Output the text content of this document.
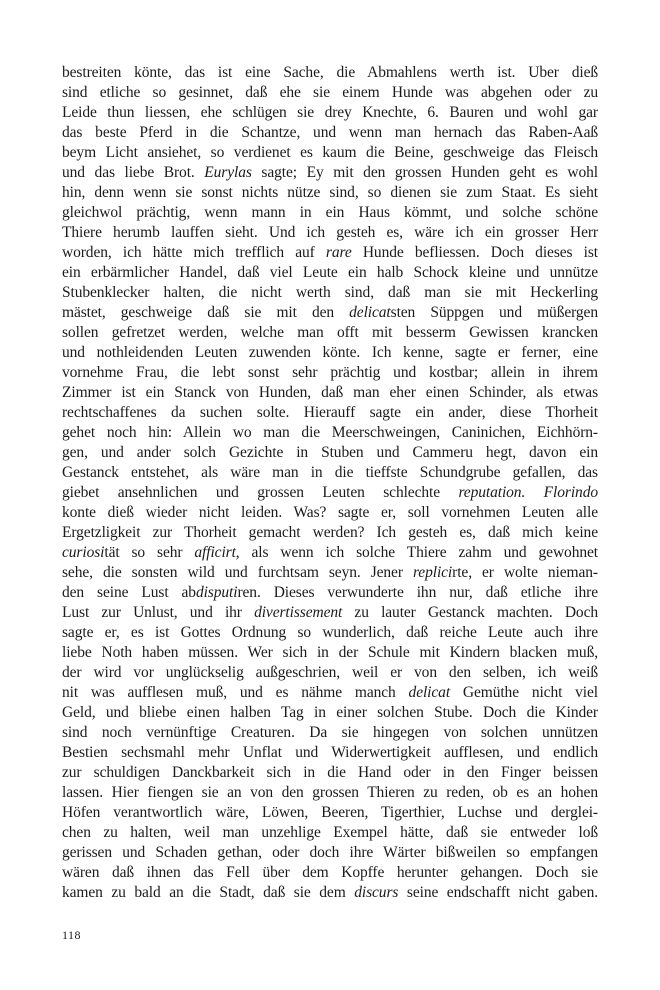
bestreiten könte, das ist eine Sache, die Abmahlens werth ist. Uber dieß
sind etliche so gesinnet, daß ehe sie einem Hunde was abgehen oder zu
Leide thun liessen, ehe schlügen sie drey Knechte, 6. Bauren und wohl gar
das beste Pferd in die Schantze, und wenn man hernach das Raben-Aaß
beym Licht ansiehet, so verdienet es kaum die Beine, geschweige das Fleisch
und das liebe Brot. Eurylas sagte; Ey mit den grossen Hunden geht es wohl
hin, denn wenn sie sonst nichts nütze sind, so dienen sie zum Staat. Es sieht
gleichwol prächtig, wenn mann in ein Haus kömmt, und solche schöne
Thiere herumb lauffen sieht. Und ich gesteh es, wäre ich ein grosser Herr
worden, ich hätte mich trefflich auf rare Hunde befliessen. Doch dieses ist
ein erbärmlicher Handel, daß viel Leute ein halb Schock kleine und unnütze
Stubenklecker halten, die nicht werth sind, daß man sie mit Heckerling
mästet, geschweige daß sie mit den delicatsten Süppgen und müßergen
sollen gefretzet werden, welche man offt mit besserm Gewissen krancken
und nothleidenden Leuten zuwenden könte. Ich kenne, sagte er ferner, eine
vornehme Frau, die lebt sonst sehr prächtig und kostbar; allein in ihrem
Zimmer ist ein Stanck von Hunden, daß man eher einen Schinder, als etwas
rechtschaffenes da suchen solte. Hierauff sagte ein ander, diese Thorheit
gehet noch hin: Allein wo man die Meerschweingen, Caninichen, Eichhörn-
gen, und ander solch Gezichte in Stuben und Cammeru hegt, davon ein
Gestanck entstehet, als wäre man in die tieffste Schundgrube gefallen, das
giebet ansehnlichen und grossen Leuten schlechte reputation. Florindo
konte dieß wieder nicht leiden. Was? sagte er, soll vornehmen Leuten alle
Ergetzligkeit zur Thorheit gemacht werden? Ich gesteh es, daß mich keine
curiosität so sehr afficirt, als wenn ich solche Thiere zahm und gewohnet
sehe, die sonsten wild und furchtsam seyn. Jener replicirte, er wolte nieman-
den seine Lust abdisputiren. Dieses verwunderte ihn nur, daß etliche ihre
Lust zur Unlust, und ihr divertissement zu lauter Gestanck machten. Doch
sagte er, es ist Gottes Ordnung so wunderlich, daß reiche Leute auch ihre
liebe Noth haben müssen. Wer sich in der Schule mit Kindern blacken muß,
der wird vor unglückselig außgeschrien, weil er von den selben, ich weiß
nit was aufflesen muß, und es nähme manch delicat Gemüthe nicht viel
Geld, und bliebe einen halben Tag in einer solchen Stube. Doch die Kinder
sind noch vernünftige Creaturen. Da sie hingegen von solchen unnützen
Bestien sechsmahl mehr Unflat und Widerwertigkeit aufflesen, und endlich
zur schuldigen Danckbarkeit sich in die Hand oder in den Finger beissen
lassen. Hier fiengen sie an von den grossen Thieren zu reden, ob es an hohen
Höfen verantwortlich wäre, Löwen, Beeren, Tigerthier, Luchse und derglei-
chen zu halten, weil man unzehlige Exempel hätte, daß sie entweder loß
gerissen und Schaden gethan, oder doch ihre Wärter bißweilen so empfangen
wären daß ihnen das Fell über dem Kopffe herunter gehangen. Doch sie
kamen zu bald an die Stadt, daß sie dem discurs seine endschafft nicht gaben.
118
